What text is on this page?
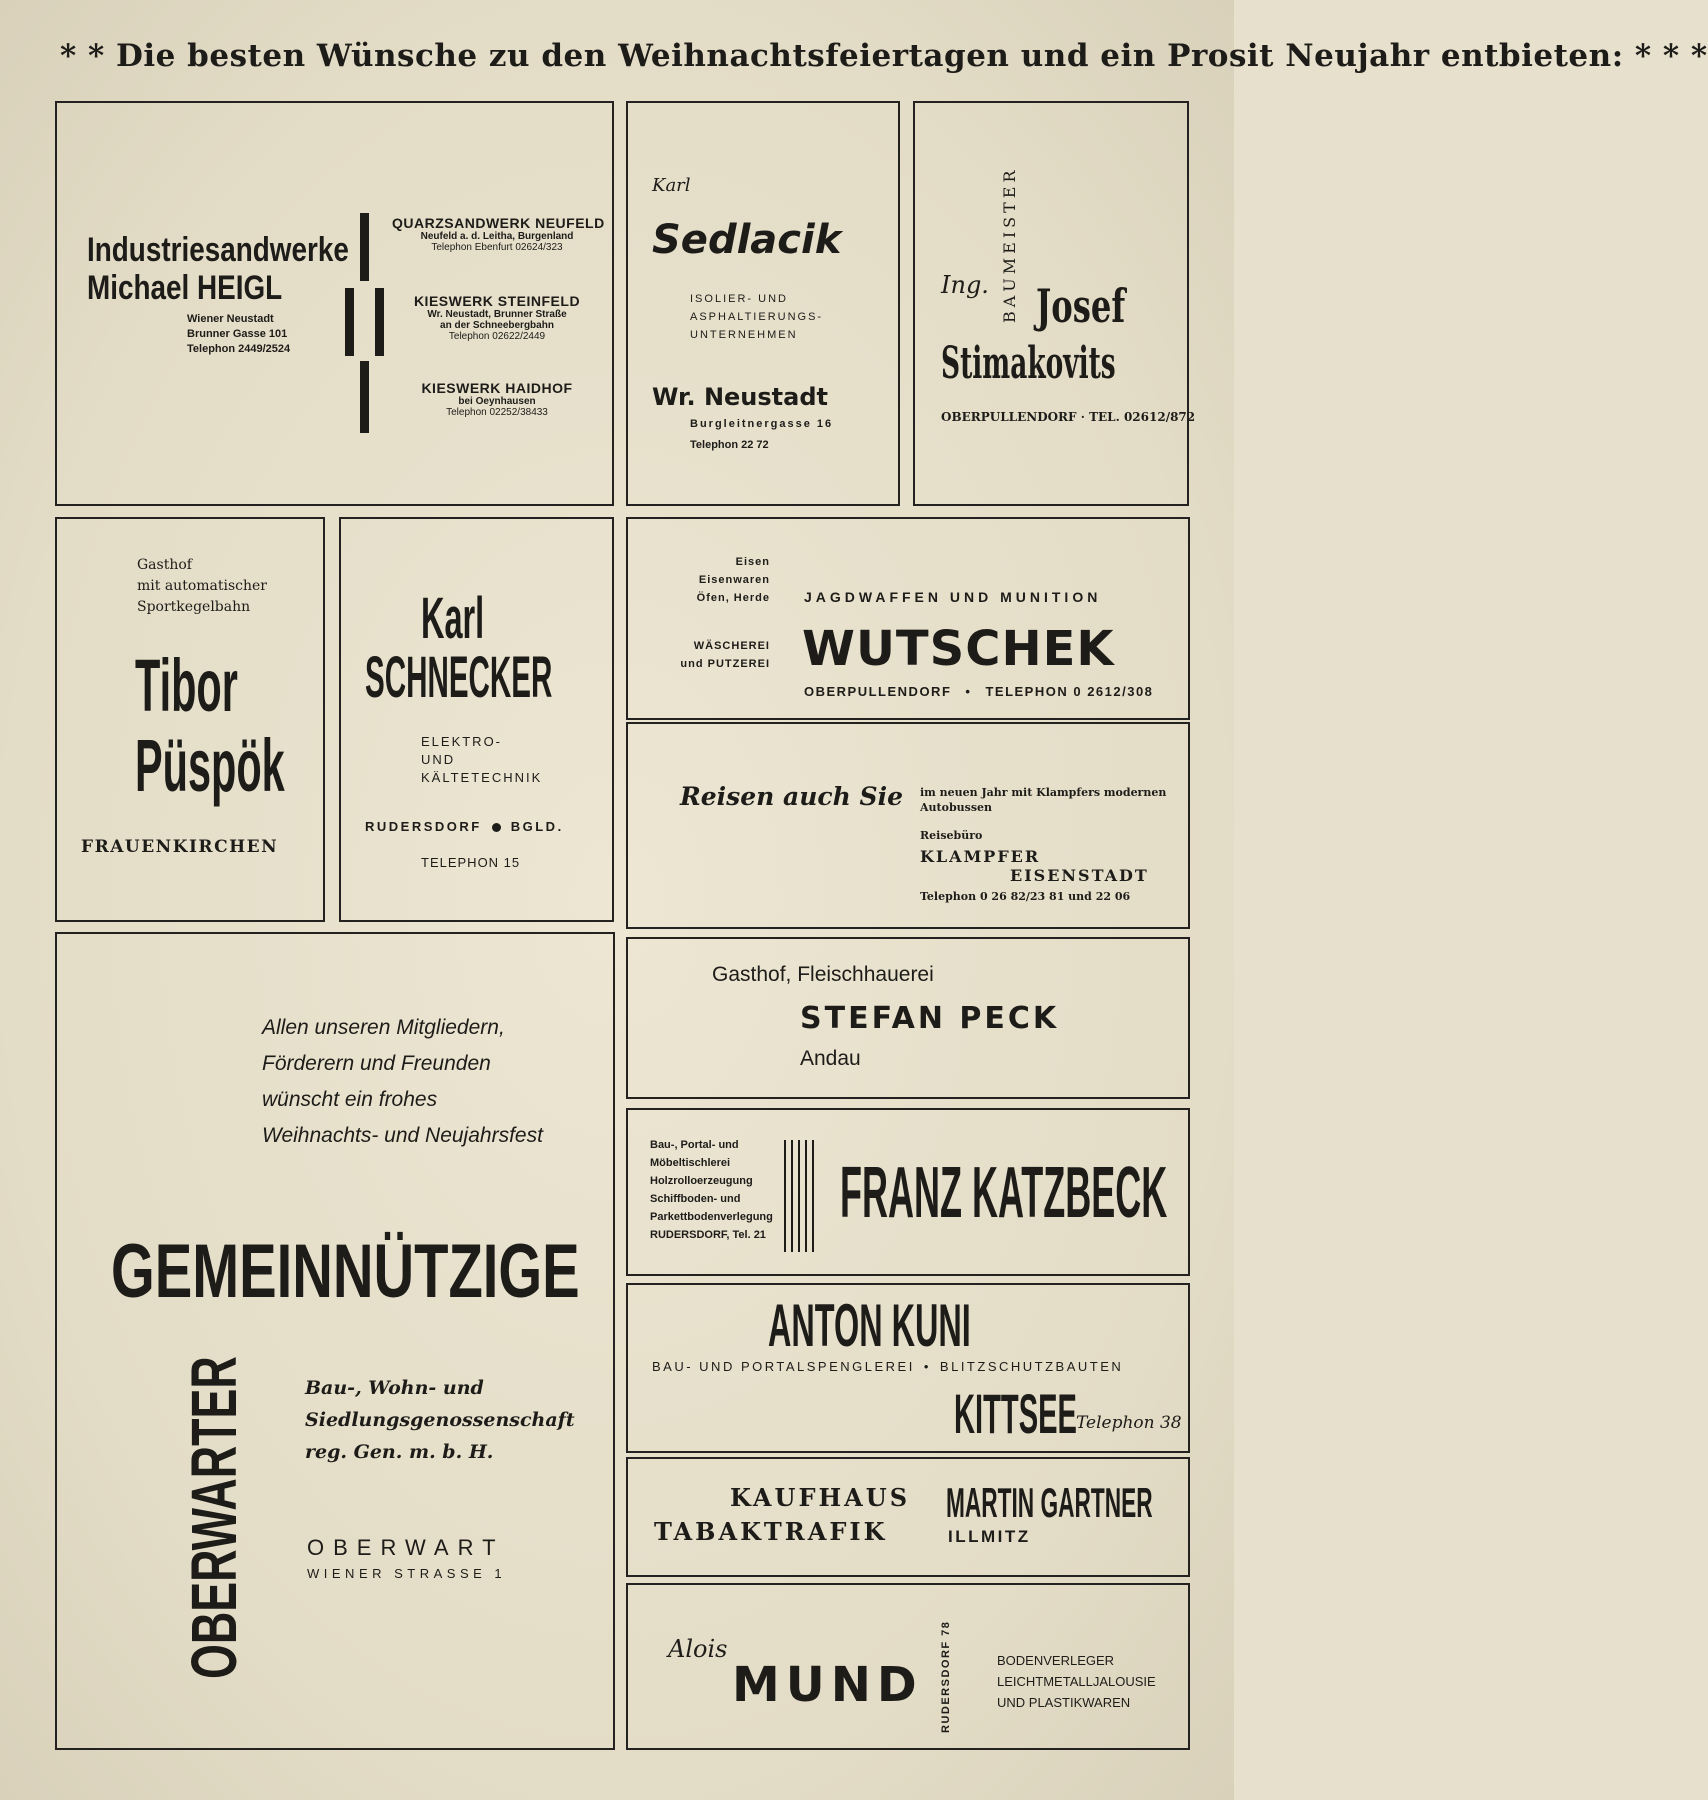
* * Die besten Wünsche zu den Weihnachtsfeiertagen und ein Prosit Neujahr entbieten: * * *
Industriesandwerke
Michael HEIGL
Wiener Neustadt
Brunner Gasse 101
Telephon 2449/2524
QUARZSANDWERK NEUFELD
Neufeld a. d. Leitha, Burgenland
Telephon Ebenfurt 02624/323
KIESWERK STEINFELD
Wr. Neustadt, Brunner Straße
an der Schneebergbahn
Telephon 02622/2449
KIESWERK HAIDHOF
bei Oeynhausen
Telephon 02252/38433
Karl
Sedlacik
ISOLIER- UND
ASPHALTIERUNGS-
UNTERNEHMEN
Wr. Neustadt
Burgleitnergasse 16
Telephon 22 72
BAUMEISTER
Ing. Josef
Stimakovits
OBERPULLENDORF · TEL. 02612/872
Gasthof
mit automatischer
Sportkegelbahn
Tibor
Püspök
FRAUENKIRCHEN
Karl
SCHNECKER
ELEKTRO-
UND
KÄLTETECHNIK
RUDERSDORF BGLD.
TELEPHON 15
Eisen
Eisenwaren
Öfen, Herde
WÄSCHEREI
und PUTZEREI
JAGDWAFFEN UND MUNITION
WUTSCHEK
OBERPULLENDORF • TELEPHON 0 2612/308
Reisen auch Sie im neuen Jahr mit Klampfers modernen
Autobussen
Reisebüro
KLAMPFER
EISENSTADT
Telephon 0 26 82/23 81 und 22 06
Allen unseren Mitgliedern,
Förderern und Freunden
wünscht ein frohes
Weihnachts- und Neujahrsfest
GEMEINNÜTZIGE
OBERWARTER	Bau-, Wohn- und
Siedlungsgenossenschaft
reg. Gen. m. b. H.
OBERWART
WIENER STRASSE 1
Gasthof, Fleischhauerei
STEFAN PECK
Andau
Bau-, Portal- und
Möbeltischlerei
Holzrolloerzeugung
Schiffboden- und
Parkettbodenverlegung
RUDERSDORF, Tel. 21
FRANZ KATZBECK
ANTON KUNI
BAU- UND PORTALSPENGLEREI • BLITZSCHUTZBAUTEN
KITTSEE Telephon 38
KAUFHAUS
TABAKTRAFIK
MARTIN GARTNER
ILLMITZ
Alois
MUND RUDERSDORF 78	BODENVERLEGER
LEICHTMETALLJALOUSIE
UND PLASTIKWAREN
